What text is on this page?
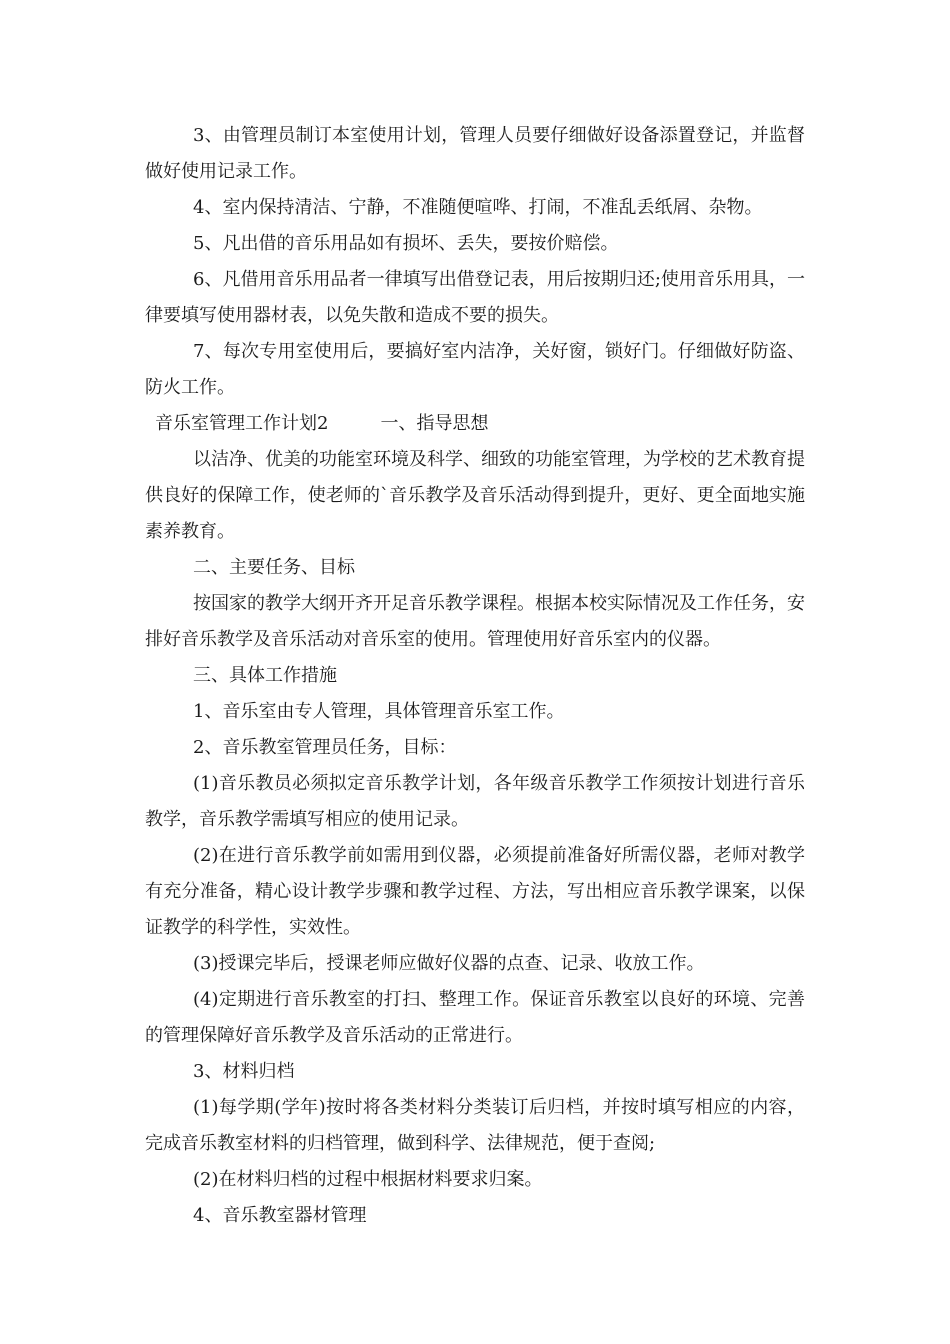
3、由管理员制订本室使用计划，管理人员要仔细做好设备添置登记，并监督做好使用记录工作。

4、室内保持清洁、宁静，不准随便喧哗、打闹，不准乱丢纸屑、杂物。

5、凡出借的音乐用品如有损坏、丢失，要按价赔偿。

6、凡借用音乐用品者一律填写出借登记表，用后按期归还;使用音乐用具，一律要填写使用器材表，以免失散和造成不要的损失。

7、每次专用室使用后，要搞好室内洁净，关好窗，锁好门。仔细做好防盗、防火工作。

音乐室管理工作计划2	一、指导思想

以洁净、优美的功能室环境及科学、细致的功能室管理，为学校的艺术教育提供良好的保障工作，使老师的`音乐教学及音乐活动得到提升，更好、更全面地实施素养教育。

二、主要任务、目标

按国家的教学大纲开齐开足音乐教学课程。根据本校实际情况及工作任务，安排好音乐教学及音乐活动对音乐室的使用。管理使用好音乐室内的仪器。

三、具体工作措施

1、音乐室由专人管理，具体管理音乐室工作。

2、音乐教室管理员任务，目标：

(1)音乐教员必须拟定音乐教学计划，各年级音乐教学工作须按计划进行音乐教学，音乐教学需填写相应的使用记录。

(2)在进行音乐教学前如需用到仪器，必须提前准备好所需仪器，老师对教学有充分准备，精心设计教学步骤和教学过程、方法，写出相应音乐教学课案，以保证教学的科学性，实效性。

(3)授课完毕后，授课老师应做好仪器的点查、记录、收放工作。

(4)定期进行音乐教室的打扫、整理工作。保证音乐教室以良好的环境、完善的管理保障好音乐教学及音乐活动的正常进行。

3、材料归档

(1)每学期(学年)按时将各类材料分类装订后归档，并按时填写相应的内容，完成音乐教室材料的归档管理，做到科学、法律规范，便于查阅;

(2)在材料归档的过程中根据材料要求归案。

4、音乐教室器材管理
